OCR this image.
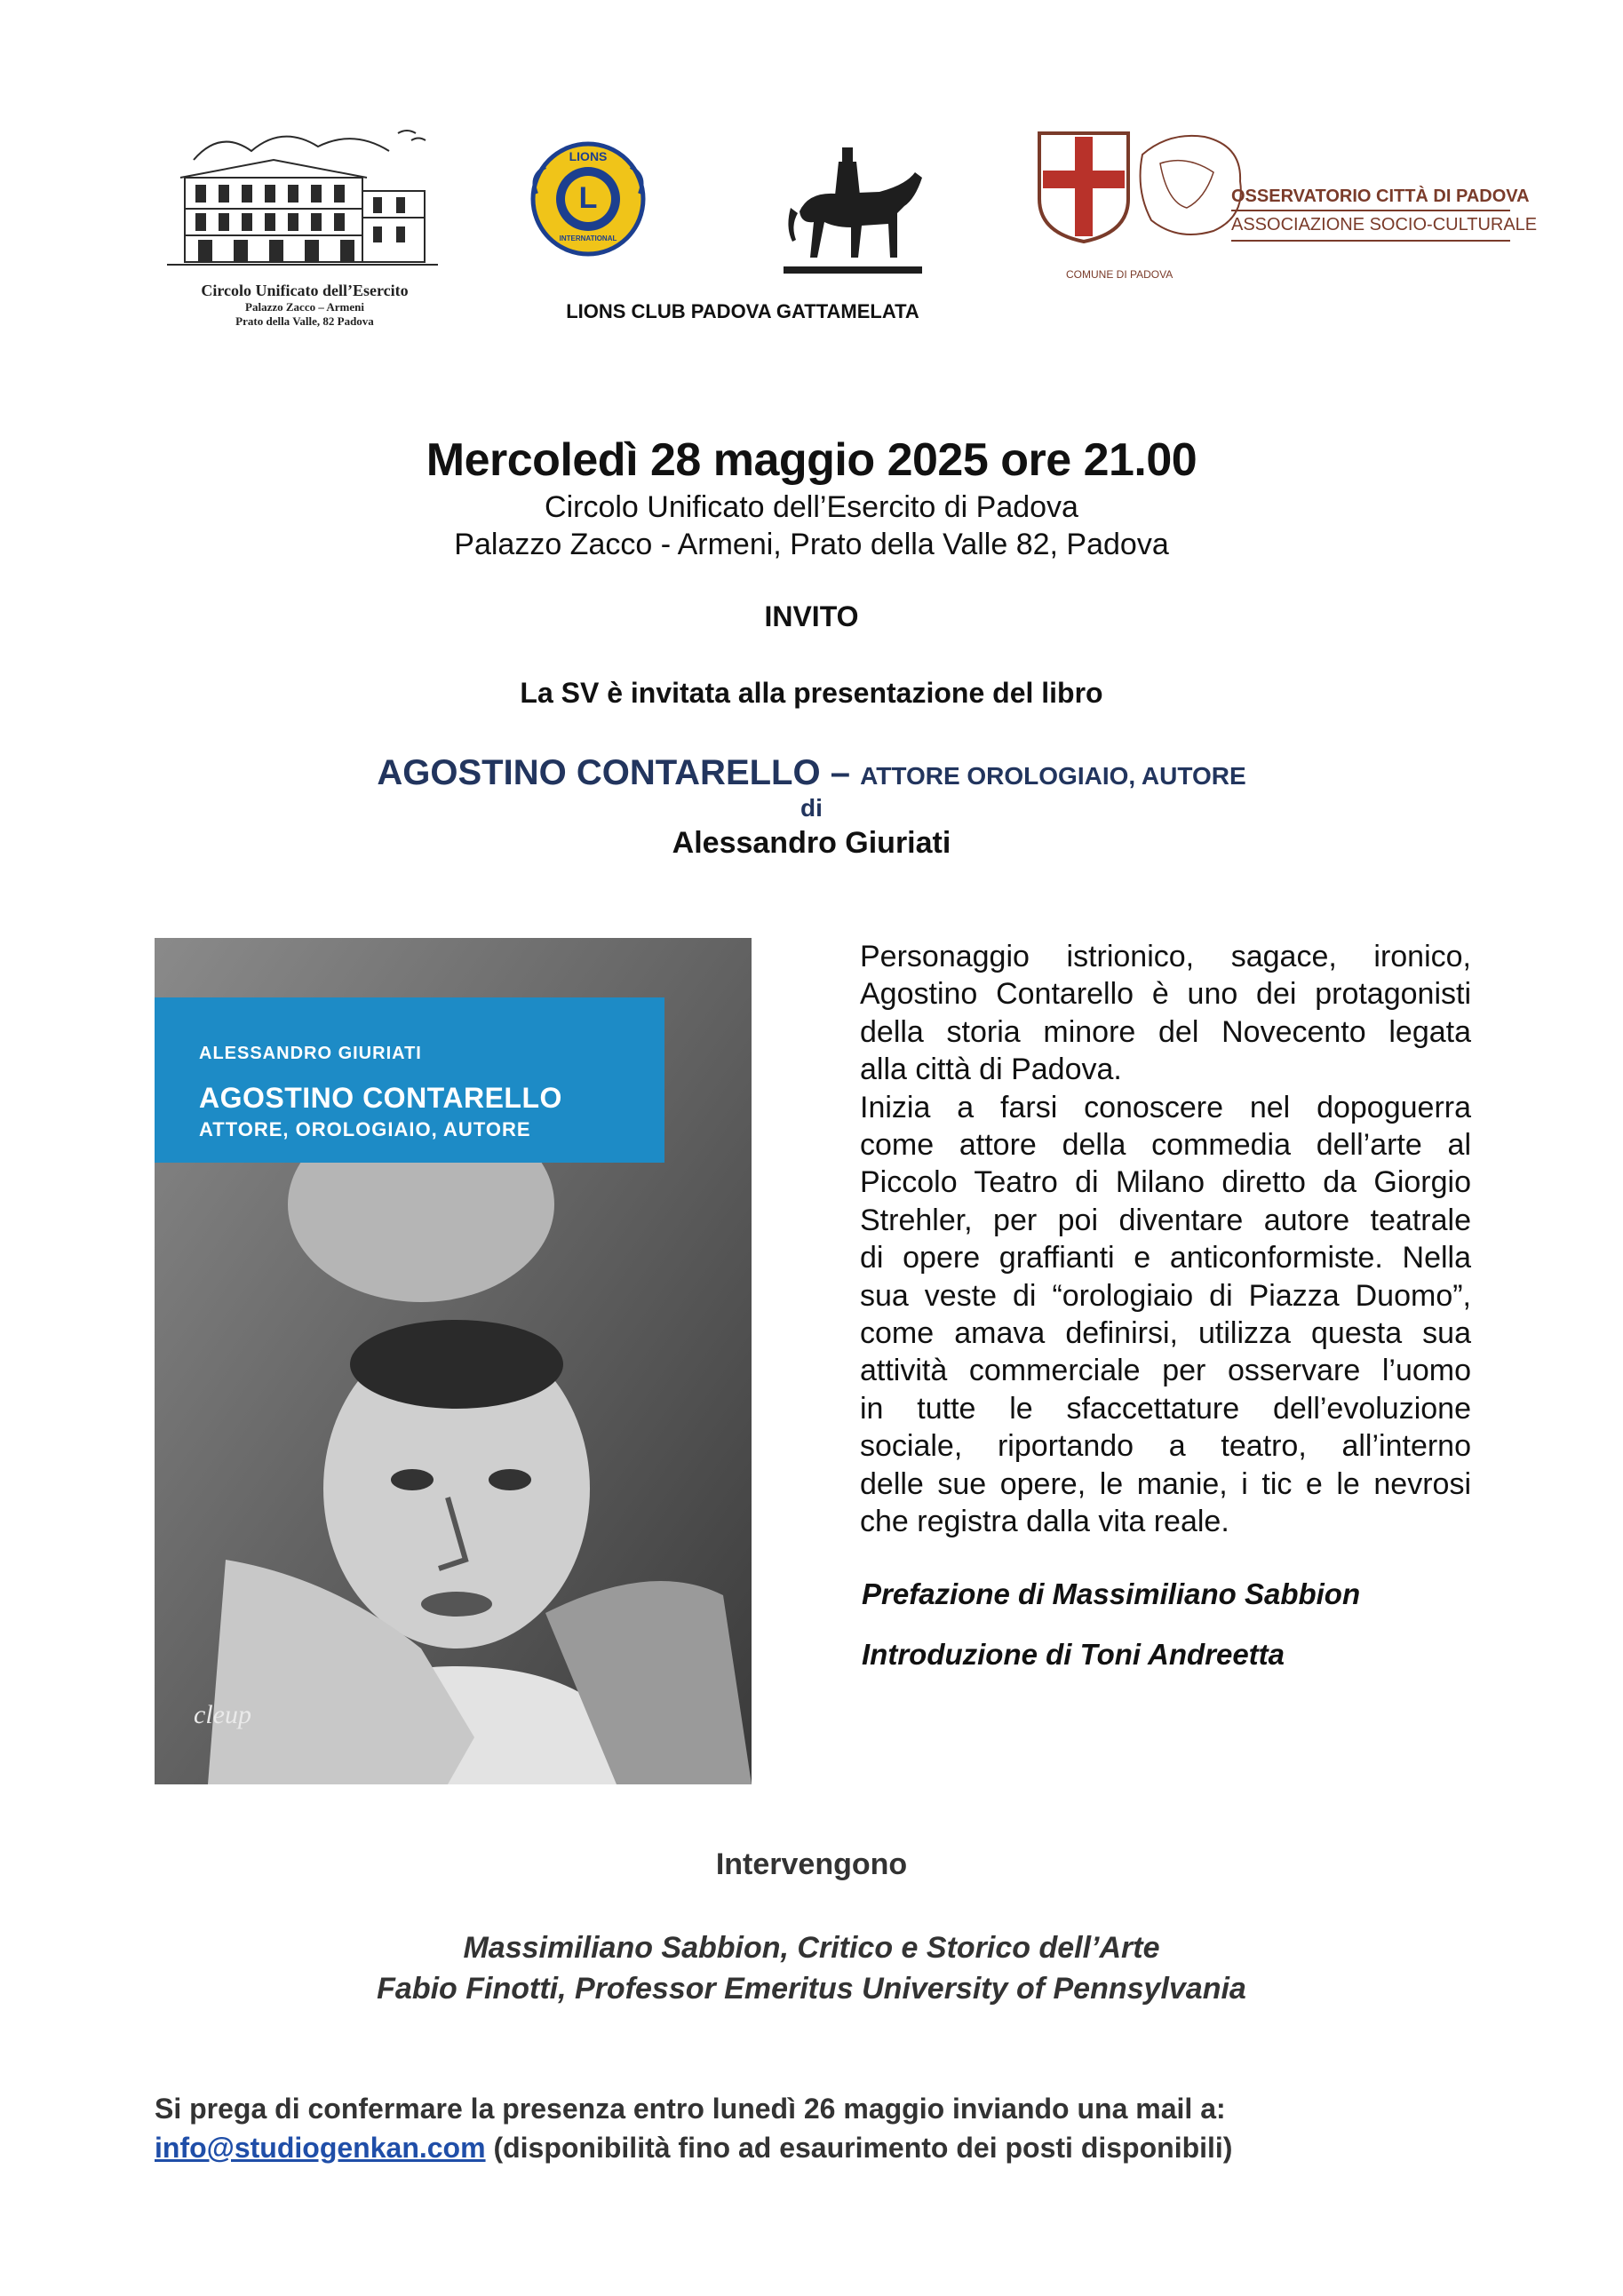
Circolo Unificato dell’Esercito
Palazzo Zacco – Armeni
Prato della Valle, 82 Padova
LIONS
L
INTERNATIONAL
LIONS CLUB PADOVA GATTAMELATA
OSSERVATORIO CITTÀ DI PADOVA
ASSOCIAZIONE SOCIO-CULTURALE
COMUNE DI PADOVA
Mercoledì 28 maggio 2025 ore 21.00
Circolo Unificato dell’Esercito di Padova
Palazzo Zacco - Armeni, Prato della Valle 82, Padova
INVITO
La SV è invitata alla presentazione del libro
AGOSTINO CONTARELLO – ATTORE OROLOGIAIO, AUTORE
di
Alessandro Giuriati
ALESSANDRO GIURIATI
AGOSTINO CONTARELLO
ATTORE, OROLOGIAIO, AUTORE
cleup
Personaggio istrionico, sagace, ironico,
Agostino Contarello è uno dei protagonisti
della storia minore del Novecento legata
alla città di Padova.
Inizia a farsi conoscere nel dopoguerra
come attore della commedia dell’arte al
Piccolo Teatro di Milano diretto da Giorgio
Strehler, per poi diventare autore teatrale
di opere graffianti e anticonformiste. Nella
sua veste di “orologiaio di Piazza Duomo”,
come amava definirsi, utilizza questa sua
attività commerciale per osservare l’uomo
in tutte le sfaccettature dell’evoluzione
sociale, riportando a teatro, all’interno
delle sue opere, le manie, i tic e le nevrosi
che registra dalla vita reale.
Prefazione di Massimiliano Sabbion
Introduzione di Toni Andreetta
Intervengono
Massimiliano Sabbion, Critico e Storico dell’Arte
Fabio Finotti, Professor Emeritus University of Pennsylvania
Si prega di confermare la presenza entro lunedì 26 maggio inviando una mail a:
info@studiogenkan.com (disponibilità fino ad esaurimento dei posti disponibili)
